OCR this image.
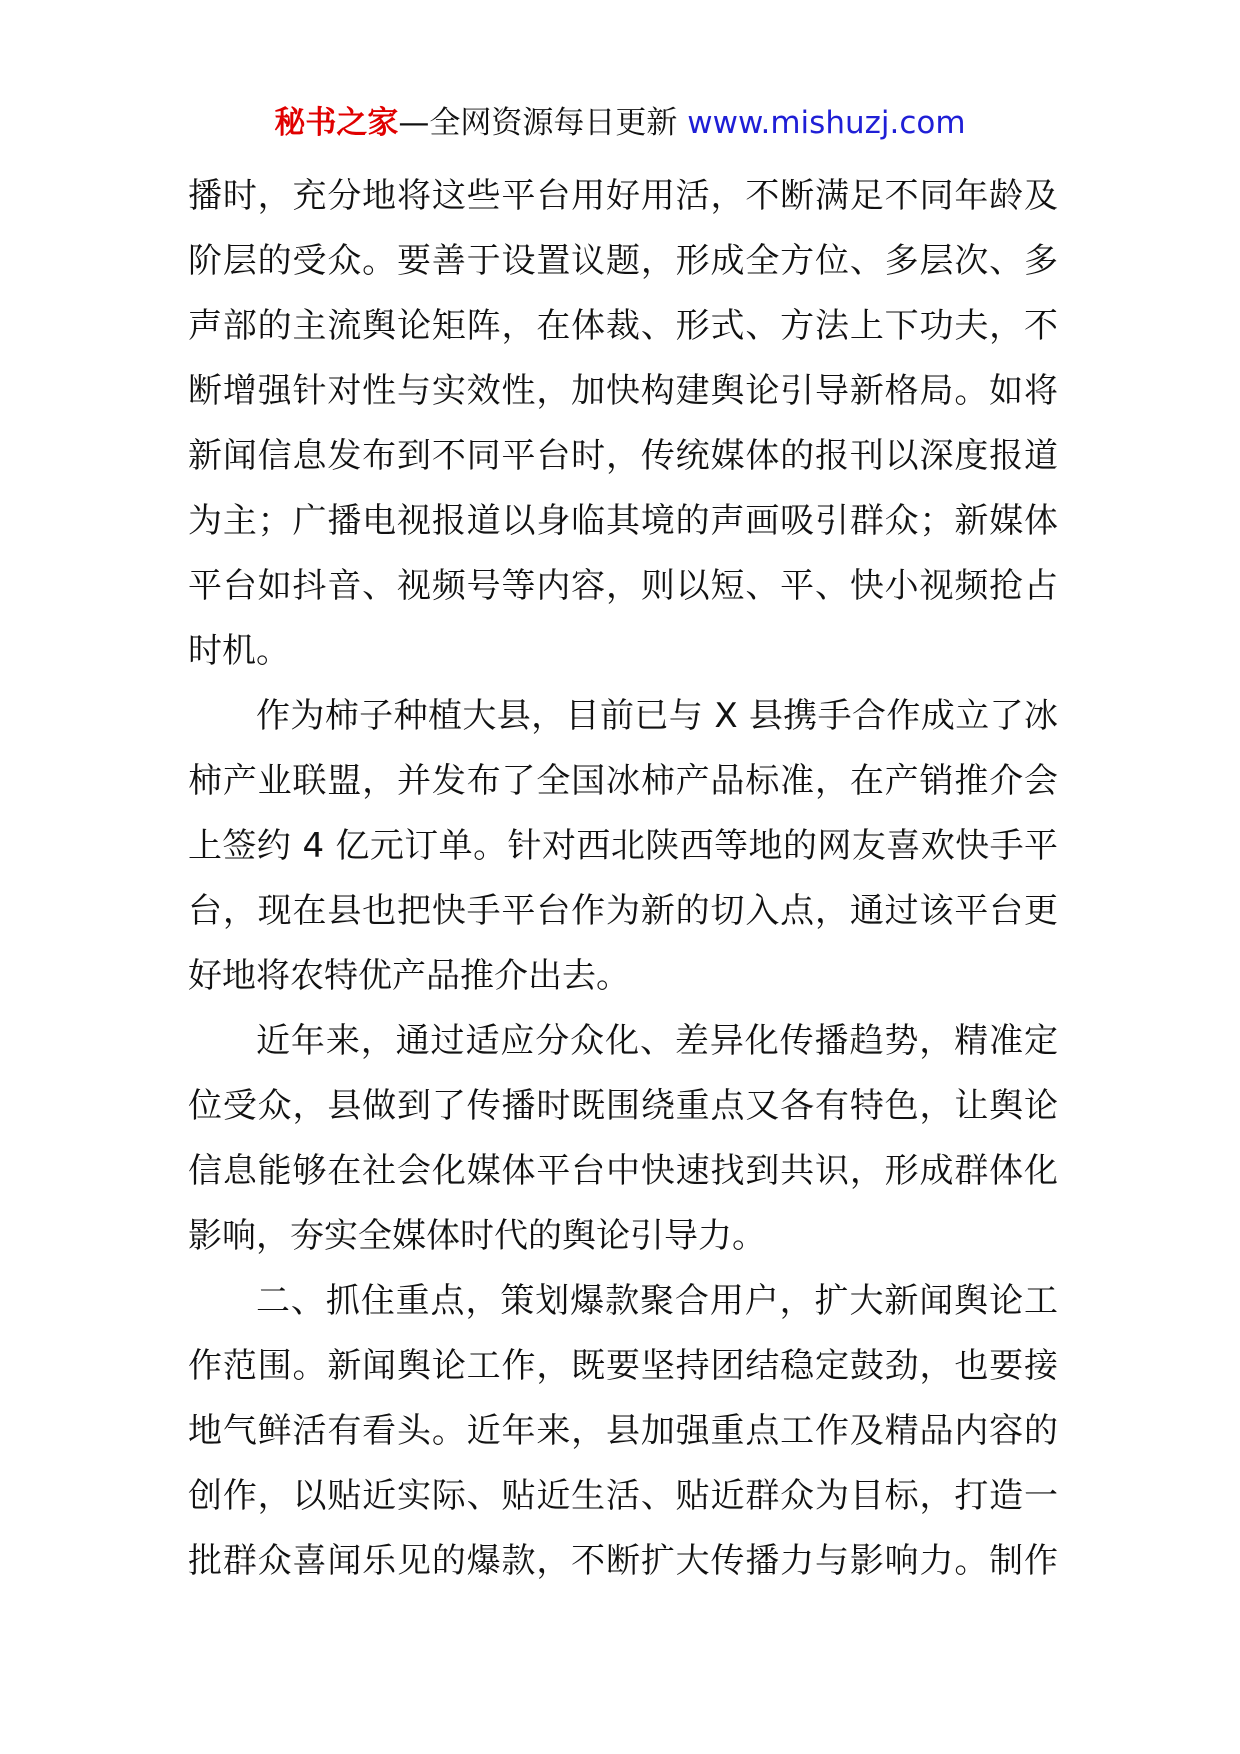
秘书之家—全网资源每日更新 www.mishuzj.com
播时，充分地将这些平台用好用活，不断满足不同年龄及
阶层的受众。要善于设置议题，形成全方位、多层次、多
声部的主流舆论矩阵，在体裁、形式、方法上下功夫，不
断增强针对性与实效性，加快构建舆论引导新格局。如将
新闻信息发布到不同平台时，传统媒体的报刊以深度报道
为主；广播电视报道以身临其境的声画吸引群众；新媒体
平台如抖音、视频号等内容，则以短、平、快小视频抢占
时机。
作为柿子种植大县，目前已与 X 县携手合作成立了冰
柿产业联盟，并发布了全国冰柿产品标准，在产销推介会
上签约 4 亿元订单。针对西北陕西等地的网友喜欢快手平
台，现在县也把快手平台作为新的切入点，通过该平台更
好地将农特优产品推介出去。
近年来，通过适应分众化、差异化传播趋势，精准定
位受众，县做到了传播时既围绕重点又各有特色，让舆论
信息能够在社会化媒体平台中快速找到共识，形成群体化
影响，夯实全媒体时代的舆论引导力。
二、抓住重点，策划爆款聚合用户，扩大新闻舆论工
作范围。新闻舆论工作，既要坚持团结稳定鼓劲，也要接
地气鲜活有看头。近年来，县加强重点工作及精品内容的
创作，以贴近实际、贴近生活、贴近群众为目标，打造一
批群众喜闻乐见的爆款，不断扩大传播力与影响力。制作
